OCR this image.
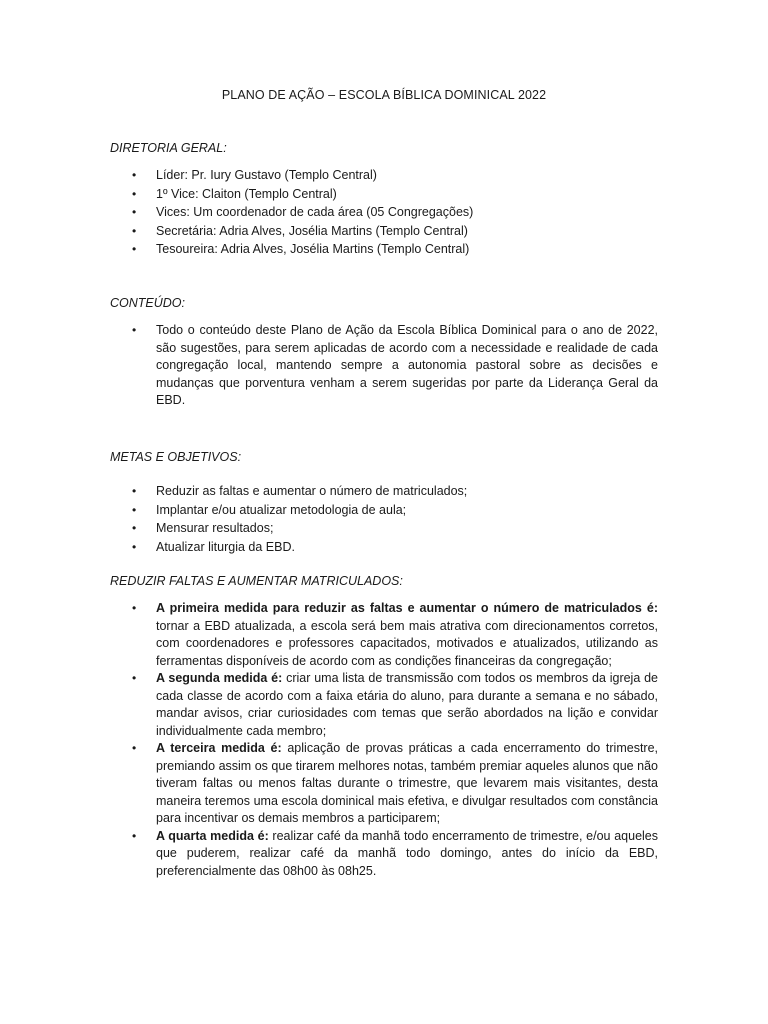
PLANO DE AÇÃO – ESCOLA BÍBLICA DOMINICAL 2022
DIRETORIA GERAL:
• Líder: Pr. Iury Gustavo (Templo Central)
• 1º Vice: Claiton (Templo Central)
• Vices: Um coordenador de cada área (05 Congregações)
• Secretária: Adria Alves, Josélia Martins (Templo Central)
• Tesoureira: Adria Alves, Josélia Martins (Templo Central)
CONTEÚDO:
• Todo o conteúdo deste Plano de Ação da Escola Bíblica Dominical para o ano de 2022, são sugestões, para serem aplicadas de acordo com a necessidade e realidade de cada congregação local, mantendo sempre a autonomia pastoral sobre as decisões e mudanças que porventura venham a serem sugeridas por parte da Liderança Geral da EBD.
METAS E OBJETIVOS:
• Reduzir as faltas e aumentar o número de matriculados;
• Implantar e/ou atualizar metodologia de aula;
• Mensurar resultados;
• Atualizar liturgia da EBD.
REDUZIR FALTAS E AUMENTAR MATRICULADOS:
• A primeira medida para reduzir as faltas e aumentar o número de matriculados é: tornar a EBD atualizada, a escola será bem mais atrativa com direcionamentos corretos, com coordenadores e professores capacitados, motivados e atualizados, utilizando as ferramentas disponíveis de acordo com as condições financeiras da congregação;
• A segunda medida é: criar uma lista de transmissão com todos os membros da igreja de cada classe de acordo com a faixa etária do aluno, para durante a semana e no sábado, mandar avisos, criar curiosidades com temas que serão abordados na lição e convidar individualmente cada membro;
• A terceira medida é: aplicação de provas práticas a cada encerramento do trimestre, premiando assim os que tirarem melhores notas, também premiar aqueles alunos que não tiveram faltas ou menos faltas durante o trimestre, que levarem mais visitantes, desta maneira teremos uma escola dominical mais efetiva, e divulgar resultados com constância para incentivar os demais membros a participarem;
• A quarta medida é: realizar café da manhã todo encerramento de trimestre, e/ou aqueles que puderem, realizar café da manhã todo domingo, antes do início da EBD, preferencialmente das 08h00 às 08h25.
